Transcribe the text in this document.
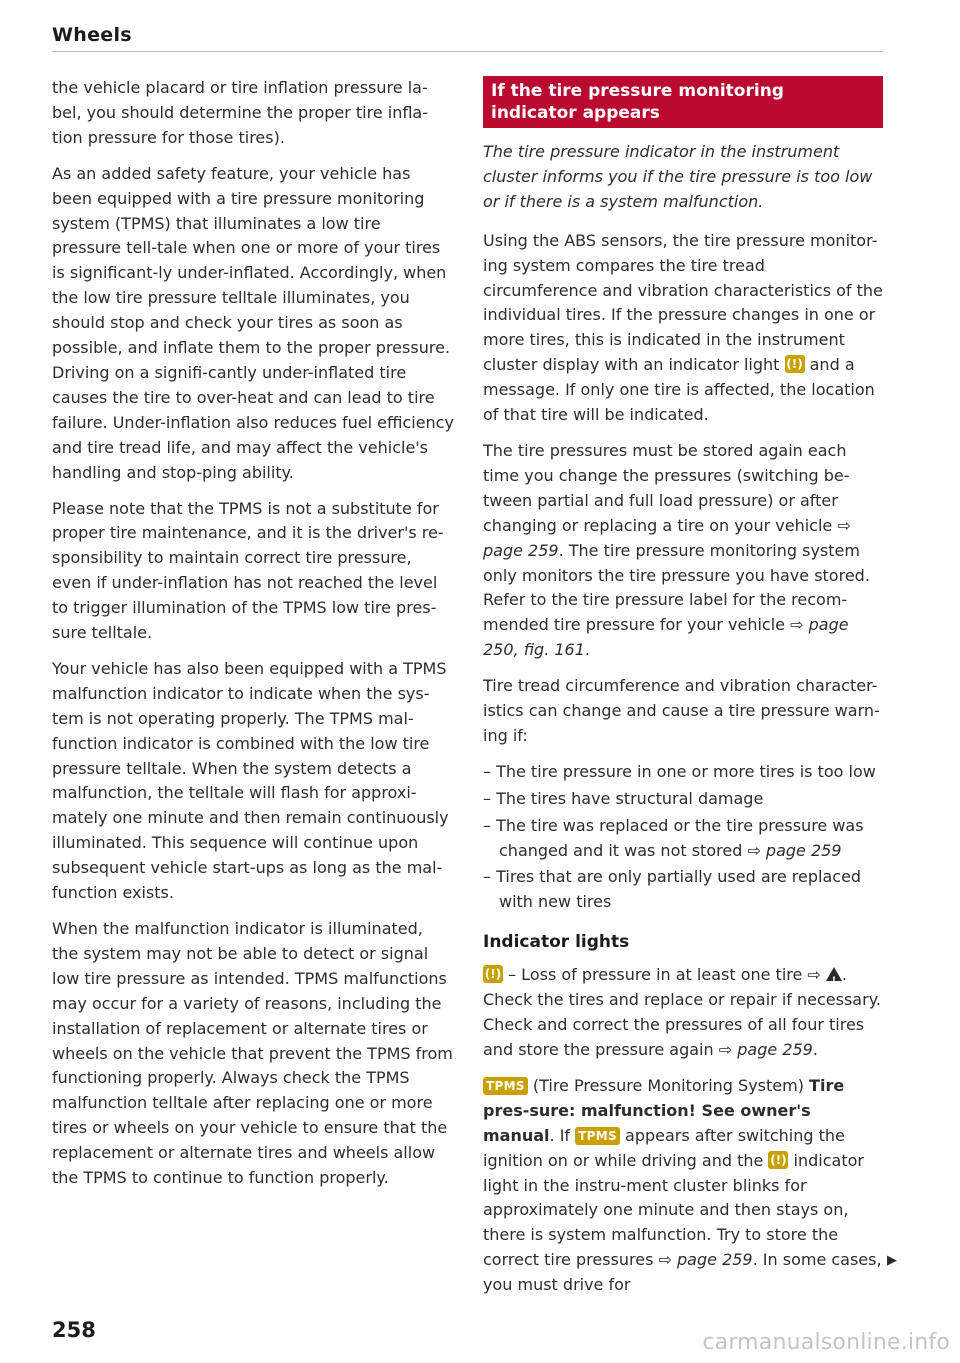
Wheels

the vehicle placard or tire inflation pressure la-bel, you should determine the proper tire infla-tion pressure for those tires).

As an added safety feature, your vehicle has been equipped with a tire pressure monitoring system (TPMS) that illuminates a low tire pressure tell-tale when one or more of your tires is significant-ly under-inflated. Accordingly, when the low tire pressure telltale illuminates, you should stop and check your tires as soon as possible, and inflate them to the proper pressure. Driving on a signifi-cantly under-inflated tire causes the tire to over-heat and can lead to tire failure. Under-inflation also reduces fuel efficiency and tire tread life, and may affect the vehicle's handling and stop-ping ability.

Please note that the TPMS is not a substitute for proper tire maintenance, and it is the driver's re-sponsibility to maintain correct tire pressure, even if under-inflation has not reached the level to trigger illumination of the TPMS low tire pres-sure telltale.

Your vehicle has also been equipped with a TPMS malfunction indicator to indicate when the sys-tem is not operating properly. The TPMS mal-function indicator is combined with the low tire pressure telltale. When the system detects a malfunction, the telltale will flash for approxi-mately one minute and then remain continuously illuminated. This sequence will continue upon subsequent vehicle start-ups as long as the mal-function exists.

When the malfunction indicator is illuminated, the system may not be able to detect or signal low tire pressure as intended. TPMS malfunctions may occur for a variety of reasons, including the installation of replacement or alternate tires or wheels on the vehicle that prevent the TPMS from functioning properly. Always check the TPMS malfunction telltale after replacing one or more tires or wheels on your vehicle to ensure that the replacement or alternate tires and wheels allow the TPMS to continue to function properly.

If the tire pressure monitoring indicator appears

The tire pressure indicator in the instrument cluster informs you if the tire pressure is too low or if there is a system malfunction.

Using the ABS sensors, the tire pressure monitor-ing system compares the tire tread circumference and vibration characteristics of the individual tires. If the pressure changes in one or more tires, this is indicated in the instrument cluster display with an indicator light (!) and a message. If only one tire is affected, the location of that tire will be indicated.

The tire pressures must be stored again each time you change the pressures (switching be-tween partial and full load pressure) or after changing or replacing a tire on your vehicle ⇨ page 259. The tire pressure monitoring system only monitors the tire pressure you have stored. Refer to the tire pressure label for the recom-mended tire pressure for your vehicle ⇨ page 250, fig. 161.

Tire tread circumference and vibration character-istics can change and cause a tire pressure warn-ing if:

– The tire pressure in one or more tires is too low
– The tires have structural damage
– The tire was replaced or the tire pressure was changed and it was not stored ⇨ page 259
– Tires that are only partially used are replaced with new tires

Indicator lights

(!) – Loss of pressure in at least one tire ⇨ ! . Check the tires and replace or repair if necessary. Check and correct the pressures of all four tires and store the pressure again ⇨ page 259.

TPMS (Tire Pressure Monitoring System) Tire pres-sure: malfunction! See owner's manual. If TPMS appears after switching the ignition on or while driving and the (!) indicator light in the instru-ment cluster blinks for approximately one minute and then stays on, there is system malfunction. Try to store the correct tire pressures ⇨ page 259. In some cases, you must drive for

▶
258	carmanualsonline.info
